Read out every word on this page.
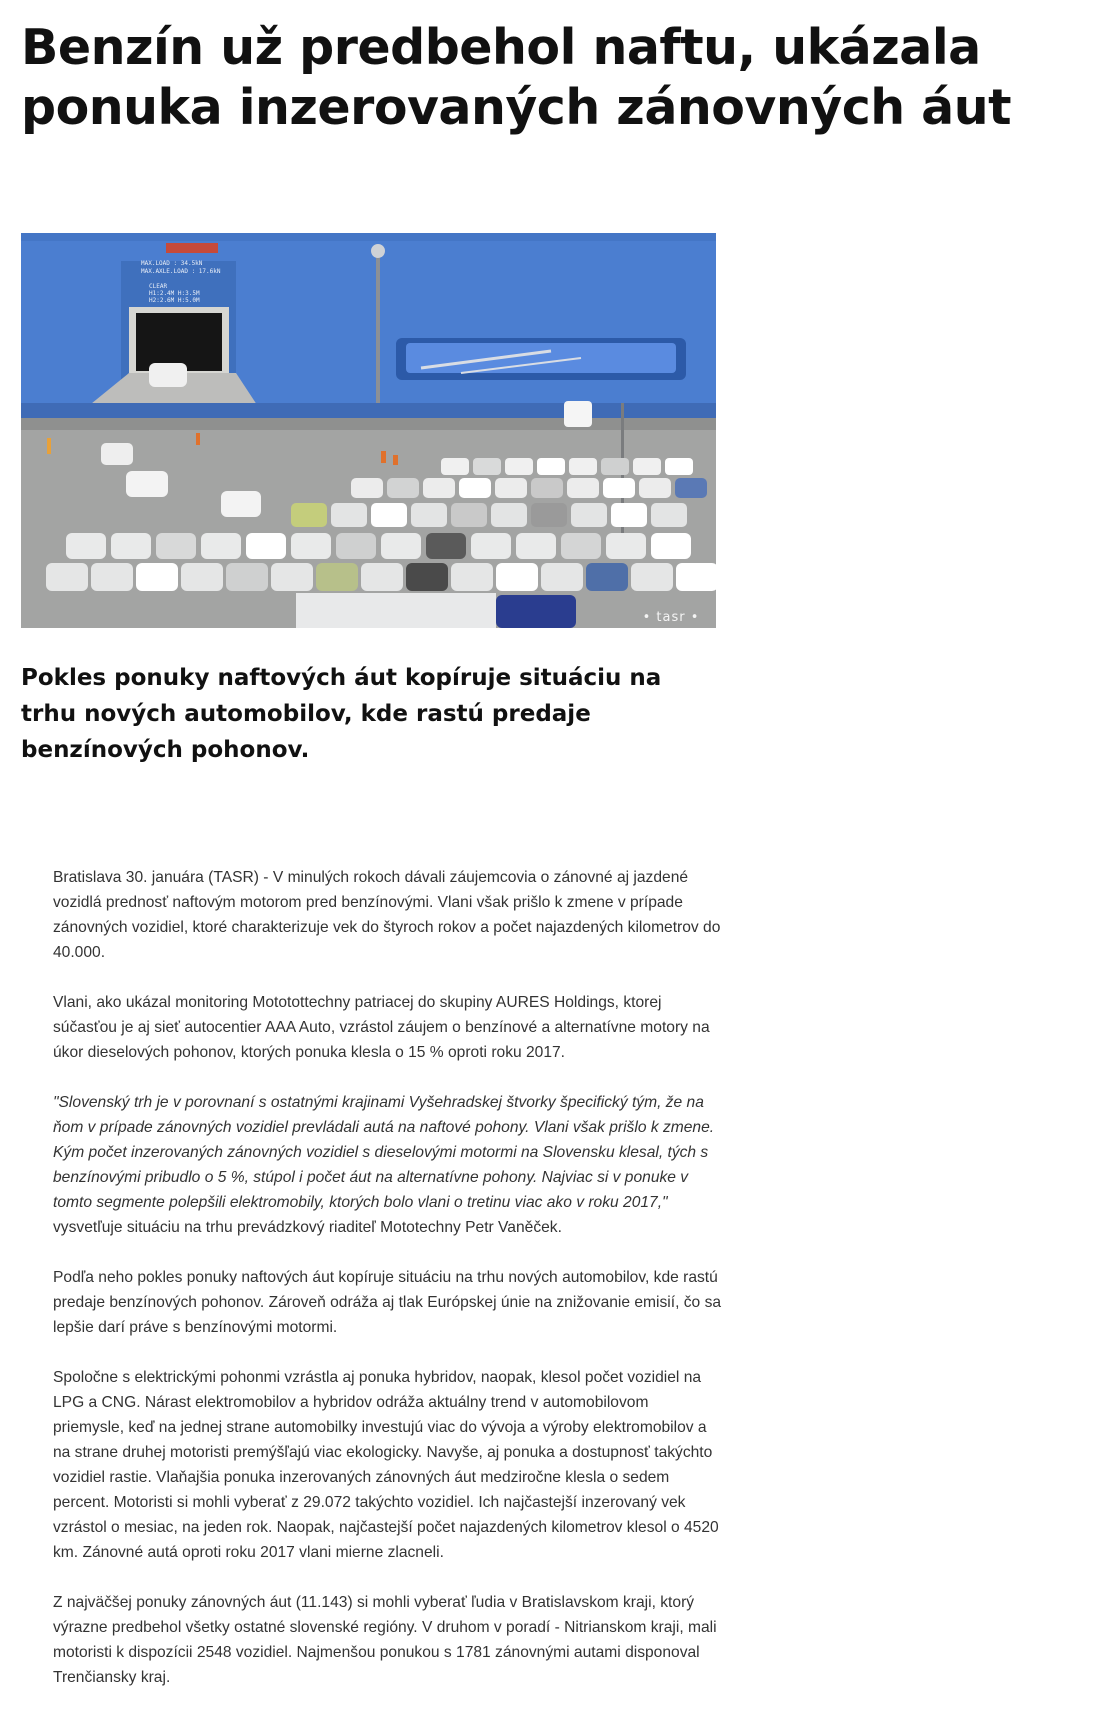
Benzín už predbehol naftu, ukázala ponuka inzerovaných zánovných áut
MAX.LOAD : 34.5kN
MAX.AXLE.LOAD : 17.6kN
CLEAR
H1:2.4M H:3.5M
H2:2.6M H:5.0M
• tasr •

Pokles ponuky naftových áut kopíruje situáciu na trhu nových automobilov, kde rastú predaje benzínových pohonov.

Bratislava 30. januára (TASR) - V minulých rokoch dávali záujemcovia o zánovné aj jazdené vozidlá prednosť naftovým motorom pred benzínovými. Vlani však prišlo k zmene v prípade zánovných vozidiel, ktoré charakterizuje vek do štyroch rokov a počet najazdených kilometrov do 40.000.

Vlani, ako ukázal monitoring Mototottechny patriacej do skupiny AURES Holdings, ktorej súčasťou je aj sieť autocentier AAA Auto, vzrástol záujem o benzínové a alternatívne motory na úkor dieselových pohonov, ktorých ponuka klesla o 15 % oproti roku 2017.

"Slovenský trh je v porovnaní s ostatnými krajinami Vyšehradskej štvorky špecifický tým, že na ňom v prípade zánovných vozidiel prevládali autá na naftové pohony. Vlani však prišlo k zmene. Kým počet inzerovaných zánovných vozidiel s dieselovými motormi na Slovensku klesal, tých s benzínovými pribudlo o 5 %, stúpol i počet áut na alternatívne pohony. Najviac si v ponuke v tomto segmente polepšili elektromobily, ktorých bolo vlani o tretinu viac ako v roku 2017," vysvetľuje situáciu na trhu prevádzkový riaditeľ Mototechny Petr Vaněček.

Podľa neho pokles ponuky naftových áut kopíruje situáciu na trhu nových automobilov, kde rastú predaje benzínových pohonov. Zároveň odráža aj tlak Európskej únie na znižovanie emisií, čo sa lepšie darí práve s benzínovými motormi.

Spoločne s elektrickými pohonmi vzrástla aj ponuka hybridov, naopak, klesol počet vozidiel na LPG a CNG. Nárast elektromobilov a hybridov odráža aktuálny trend v automobilovom priemysle, keď na jednej strane automobilky investujú viac do vývoja a výroby elektromobilov a na strane druhej motoristi premýšľajú viac ekologicky. Navyše, aj ponuka a dostupnosť takýchto vozidiel rastie. Vlaňajšia ponuka inzerovaných zánovných áut medziročne klesla o sedem percent. Motoristi si mohli vyberať z 29.072 takýchto vozidiel. Ich najčastejší inzerovaný vek vzrástol o mesiac, na jeden rok. Naopak, najčastejší počet najazdených kilometrov klesol o 4520 km. Zánovné autá oproti roku 2017 vlani mierne zlacneli.

Z najväčšej ponuky zánovných áut (11.143) si mohli vyberať ľudia v Bratislavskom kraji, ktorý výrazne predbehol všetky ostatné slovenské regióny. V druhom v poradí - Nitrianskom kraji, mali motoristi k dispozícii 2548 vozidiel. Najmenšou ponukou s 1781 zánovnými autami disponoval Trenčiansky kraj.
